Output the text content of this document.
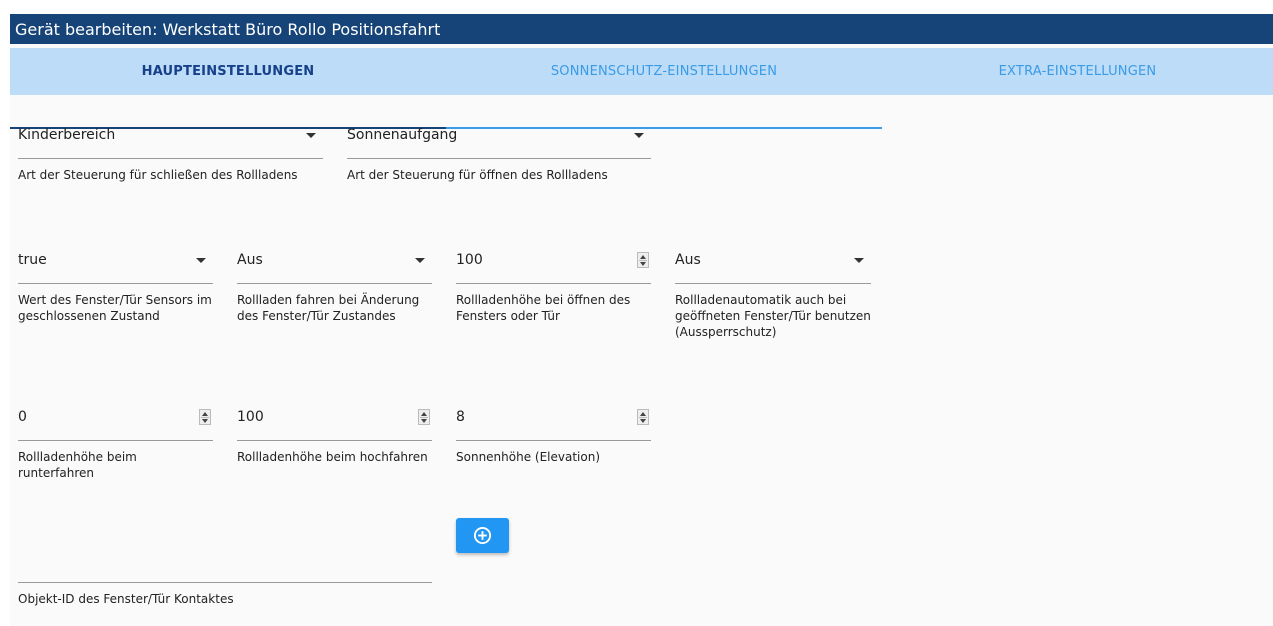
Gerät bearbeiten: Werkstatt Büro Rollo Positionsfahrt
HAUPTEINSTELLUNGEN	SONNENSCHUTZ-EINSTELLUNGEN	EXTRA-EINSTELLUNGEN
Kinderbereich
Art der Steuerung für schließen des Rollladens
Sonnenaufgang
Art der Steuerung für öffnen des Rollladens
true
Wert des Fenster/Tür Sensors im geschlossenen Zustand
Aus
Rollladen fahren bei Änderung des Fenster/Tür Zustandes
100
Rollladenhöhe bei öffnen des Fensters oder Tür
Aus
Rollladenautomatik auch bei geöffneten Fenster/Tür benutzen (Aussperrschutz)
0
Rollladenhöhe beim runterfahren
100
Rollladenhöhe beim hochfahren
8
Sonnenhöhe (Elevation)
Objekt-ID des Fenster/Tür Kontaktes
